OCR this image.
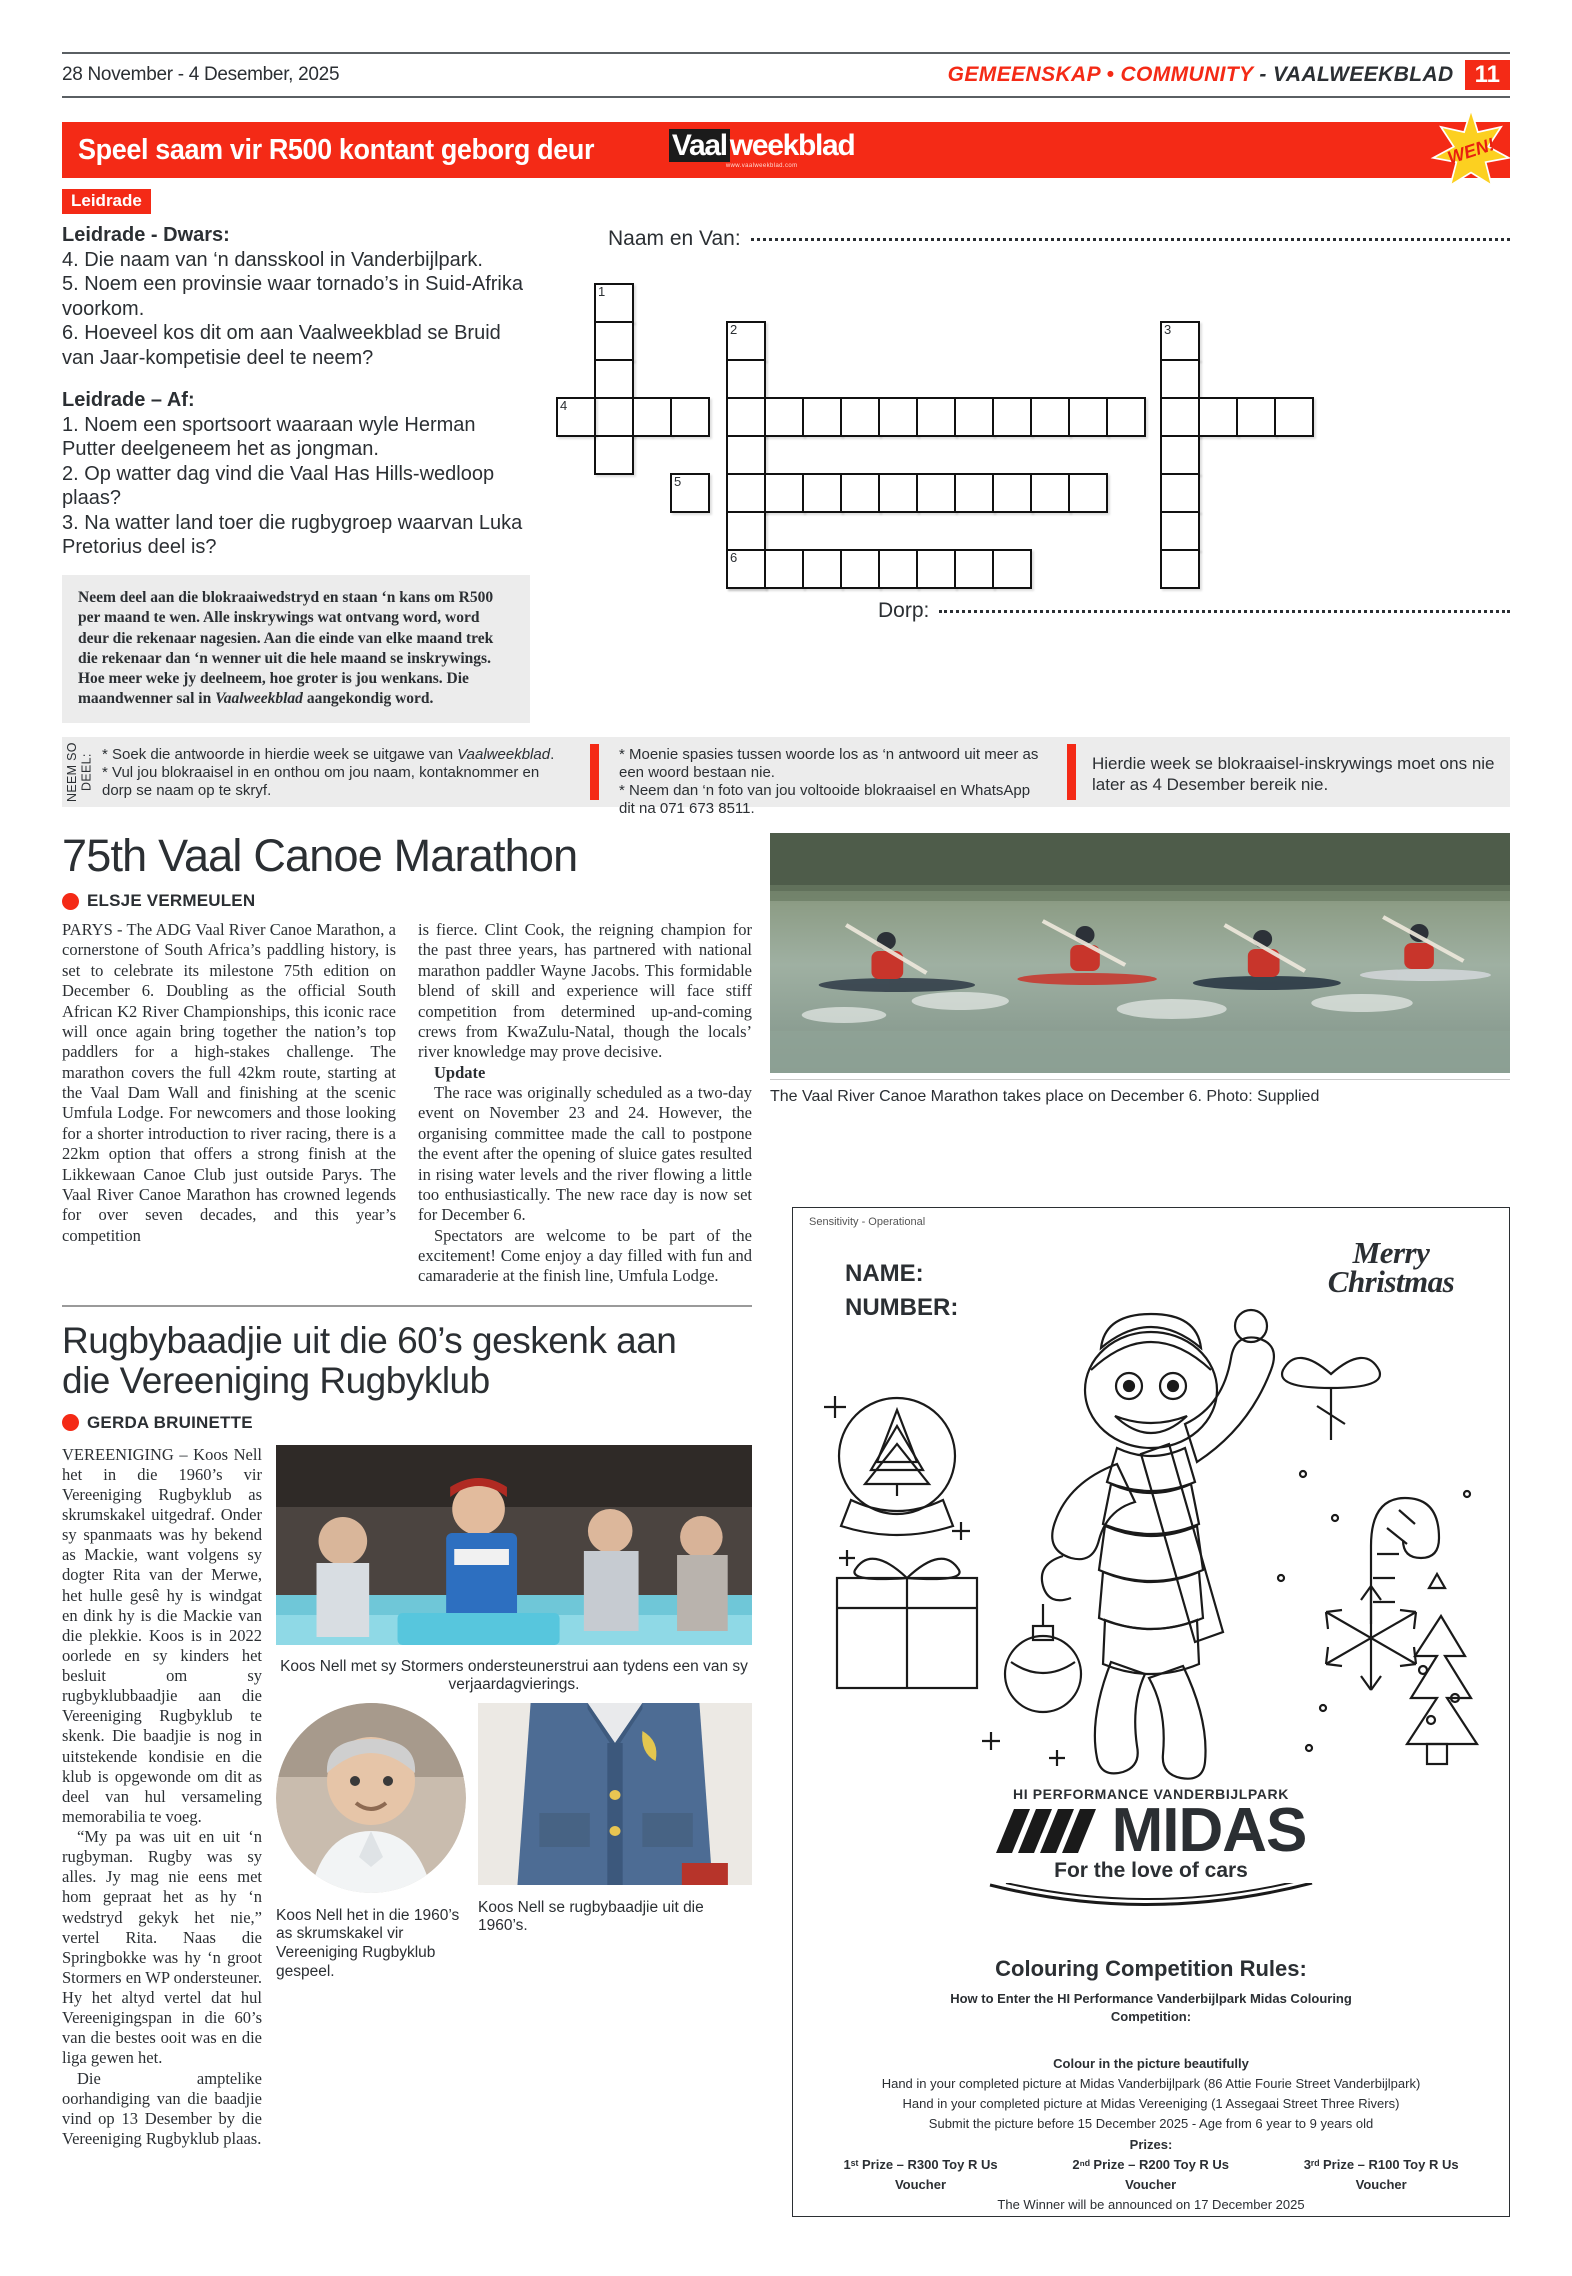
28 November - 4 Desember, 2025	GEMEENSKAP • COMMUNITY - VAALWEEKBLAD 11
Speel saam vir R500 kontant geborg deur	Vaal weekblad
www.vaalweekblad.com	WEN!
Leidrade
Leidrade - Dwars:
4. Die naam van ‘n dansskool in Vanderbijlpark.
5. Noem een provinsie waar tornado’s in Suid-Afrika voorkom.
6. Hoeveel kos dit om aan Vaalweekblad se Bruid van Jaar-kompetisie deel te neem?
Leidrade – Af:
1. Noem een sportsoort waaraan wyle Herman Putter deelgeneem het as jongman.
2. Op watter dag vind die Vaal Has Hills-wedloop plaas?
3. Na watter land toer die rugbygroep waarvan Luka Pretorius deel is?

Neem deel aan die blokraaiwedstryd en staan ‘n kans om R500 per maand te wen. Alle inskrywings wat ontvang word, word deur die rekenaar nagesien. Aan die einde van elke maand trek die rekenaar dan ‘n wenner uit die hele maand se inskrywings. Hoe meer weke jy deelneem, hoe groter is jou wenkans. Die maandwenner sal in Vaalweekblad aangekondig word.

Naam en Van:
1
2	3
4
5
6
Dorp:
NEEM SO DEEL: * Soek die antwoorde in hierdie week se uitgawe van Vaalweekblad.
* Vul jou blokraaisel in en onthou om jou naam, kontaknommer en dorp se naam op te skryf.
* Moenie spasies tussen woorde los as ‘n antwoord uit meer as een woord bestaan nie.
* Neem dan ‘n foto van jou voltooide blokraaisel en WhatsApp dit na 071 673 8511.
Hierdie week se blokraaisel-inskrywings moet ons nie later as 4 Desember bereik nie.
75th Vaal Canoe Marathon
ELSJE VERMEULEN

PARYS - The ADG Vaal River Canoe Marathon, a cornerstone of South Africa’s paddling history, is set to celebrate its milestone 75th edition on December 6. Doubling as the official South African K2 River Championships, this iconic race will once again bring together the nation’s top paddlers for a high-stakes challenge. The marathon covers the full 42km route, starting at the Vaal Dam Wall and finishing at the scenic Umfula Lodge. For newcomers and those looking for a shorter introduction to river racing, there is a 22km option that offers a strong finish at the Likkewaan Canoe Club just outside Parys. The Vaal River Canoe Marathon has crowned legends for over seven decades, and this year’s competition

is fierce. Clint Cook, the reigning champion for the past three years, has partnered with national marathon paddler Wayne Jacobs. This formidable blend of skill and experience will face stiff competition from determined up-and-coming crews from KwaZulu-Natal, though the locals’ river knowledge may prove decisive.

Update

The race was originally scheduled as a two-day event on November 23 and 24. However, the organising committee made the call to postpone the event after the opening of sluice gates resulted in rising water levels and the river flowing a little too enthusiastically. The new race day is now set for December 6.

Spectators are welcome to be part of the excitement! Come enjoy a day filled with fun and camaraderie at the finish line, Umfula Lodge.

The Vaal River Canoe Marathon takes place on December 6. Photo: Supplied
Rugbybaadjie uit die 60’s geskenk aan
die Vereeniging Rugbyklub
GERDA BRUINETTE

VEREENIGING – Koos Nell het in die 1960’s vir Vereeniging Rugbyklub as skrumskakel uitgedraf. Onder sy spanmaats was hy bekend as Mackie, want volgens sy dogter Rita van der Merwe, het hulle gesê hy is windgat en dink hy is die Mackie van die plekkie. Koos is in 2022 oorlede en sy kinders het besluit om sy rugbyklubbaadjie aan die Vereeniging Rugbyklub te skenk. Die baadjie is nog in uitstekende kondisie en die klub is opgewonde om dit as deel van hul versameling memorabilia te voeg.

“My pa was uit en uit ‘n rugbyman. Rugby was sy alles. Jy mag nie eens met hom gepraat het as hy ‘n wedstryd gekyk het nie,” vertel Rita. Naas die Springbokke was hy ‘n groot Stormers en WP ondersteuner. Hy het altyd vertel dat hul Vereenigingspan in die 60’s van die bestes ooit was en die liga gewen het.

Die amptelike oorhandiging van die baadjie vind op 13 Desember by die Vereeniging Rugbyklub plaas.

Koos Nell met sy Stormers ondersteunerstrui aan tydens een van sy verjaardagvierings.
Koos Nell het in die 1960’s as skrumskakel vir Vereeniging Rugbyklub gespeel.
Koos Nell se rugbybaadjie uit die 1960’s.
Sensitivity - Operational
NAME:
NUMBER:
Merry
Christmas
HI PERFORMANCE VANDERBIJLPARK
MIDAS
For the love of cars
Colouring Competition Rules:
How to Enter the HI Performance Vanderbijlpark Midas Colouring
Competition:
Colour in the picture beautifully
Hand in your completed picture at Midas Vanderbijlpark (86 Attie Fourie Street Vanderbijlpark)
Hand in your completed picture at Midas Vereeniging (1 Assegaai Street Three Rivers)
Submit the picture before 15 December 2025 - Age from 6 year to 9 years old
Prizes:
1ˢᵗ Prize – R300 Toy R Us Voucher
2ⁿᵈ Prize – R200 Toy R Us Voucher
3ʳᵈ Prize – R100 Toy R Us Voucher
The Winner will be announced on 17 December 2025
